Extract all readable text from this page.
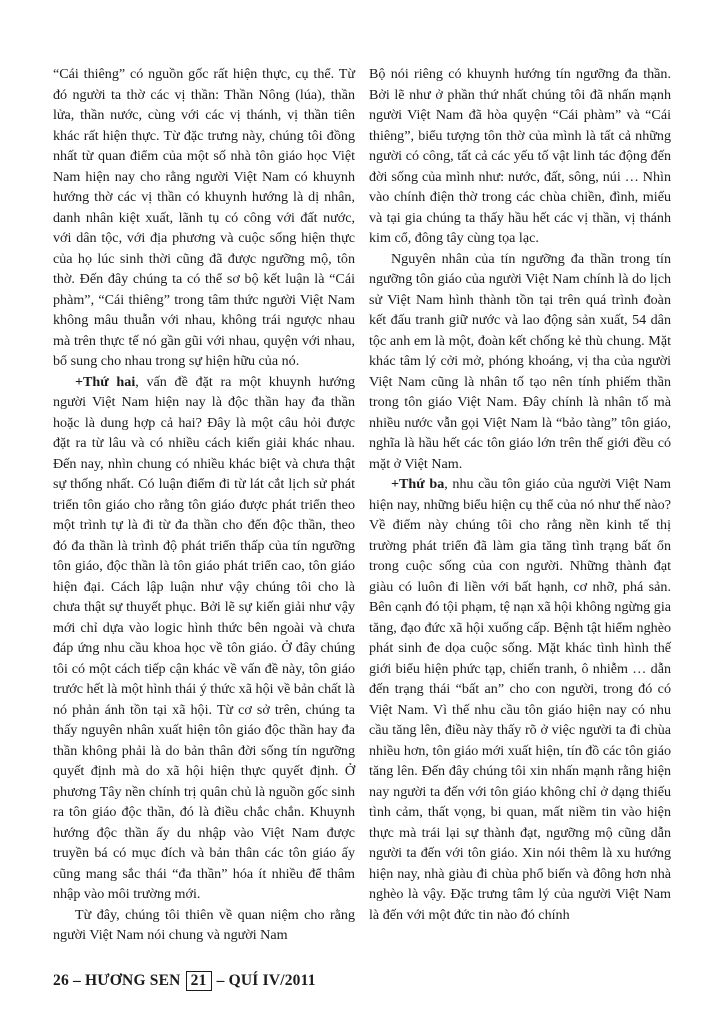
“Cái thiêng” có nguồn gốc rất hiện thực, cụ thể. Từ đó người ta thờ các vị thần: Thần Nông (lúa), thần lửa, thần nước, cùng với các vị thánh, vị thần tiên khác rất hiện thực. Từ đặc trưng này, chúng tôi đồng nhất từ quan điểm của một số nhà tôn giáo học Việt Nam hiện nay cho rằng người Việt Nam có khuynh hướng thờ các vị thần có khuynh hướng là dị nhân, danh nhân kiệt xuất, lãnh tụ có công với đất nước, với dân tộc, với địa phương và cuộc sống hiện thực của họ lúc sinh thời cũng đã được ngưỡng mộ, tôn thờ. Đến đây chúng ta có thể sơ bộ kết luận là “Cái phàm”, “Cái thiêng” trong tâm thức người Việt Nam không mâu thuẫn với nhau, không trái ngược nhau mà trên thực tế nó gần gũi với nhau, quyện với nhau, bổ sung cho nhau trong sự hiện hữu của nó.

+Thứ hai, vấn đề đặt ra một khuynh hướng người Việt Nam hiện nay là độc thần hay đa thần hoặc là dung hợp cả hai? Đây là một câu hỏi được đặt ra từ lâu và có nhiều cách kiến giải khác nhau. Đến nay, nhìn chung có nhiều khác biệt và chưa thật sự thống nhất. Có luận điểm đi từ lát cắt lịch sử phát triển tôn giáo cho rằng tôn giáo được phát triển theo một trình tự là đi từ đa thần cho đến độc thần, theo đó đa thần là trình độ phát triển thấp của tín ngưỡng tôn giáo, độc thần là tôn giáo phát triển cao, tôn giáo hiện đại. Cách lập luận như vậy chúng tôi cho là chưa thật sự thuyết phục. Bởi lẽ sự kiến giải như vậy mới chỉ dựa vào logic hình thức bên ngoài và chưa đáp ứng nhu cầu khoa học về tôn giáo. Ở đây chúng tôi có một cách tiếp cận khác về vấn đề này, tôn giáo trước hết là một hình thái ý thức xã hội về bản chất là nó phản ánh tồn tại xã hội. Từ cơ sở trên, chúng ta thấy nguyên nhân xuất hiện tôn giáo độc thần hay đa thần không phải là do bản thân đời sống tín ngưỡng quyết định mà do xã hội hiện thực quyết định. Ở phương Tây nền chính trị quân chủ là nguồn gốc sinh ra tôn giáo độc thần, đó là điều chắc chắn. Khuynh hướng độc thần ấy du nhập vào Việt Nam được truyền bá có mục đích và bản thân các tôn giáo ấy cũng mang sắc thái “đa thần” hóa ít nhiều để thâm nhập vào môi trường mới.

Từ đây, chúng tôi thiên về quan niệm cho rằng người Việt Nam nói chung và người Nam

Bộ nói riêng có khuynh hướng tín ngưỡng đa thần. Bởi lẽ như ở phần thứ nhất chúng tôi đã nhấn mạnh người Việt Nam đã hòa quyện “Cái phàm” và “Cái thiêng”, biểu tượng tôn thờ của mình là tất cả những người có công, tất cả các yếu tố vật linh tác động đến đời sống của mình như: nước, đất, sông, núi … Nhìn vào chính điện thờ trong các chùa chiền, đình, miếu và tại gia chúng ta thấy hầu hết các vị thần, vị thánh kim cổ, đông tây cùng tọa lạc.

Nguyên nhân của tín ngưỡng đa thần trong tín ngưỡng tôn giáo của người Việt Nam chính là do lịch sử Việt Nam hình thành tồn tại trên quá trình đoàn kết đấu tranh giữ nước và lao động sản xuất, 54 dân tộc anh em là một, đoàn kết chống kẻ thù chung. Mặt khác tâm lý cởi mở, phóng khoáng, vị tha của người Việt Nam cũng là nhân tố tạo nên tính phiếm thần trong tôn giáo Việt Nam. Đây chính là nhân tố mà nhiều nước vẫn gọi Việt Nam là “bảo tàng” tôn giáo, nghĩa là hầu hết các tôn giáo lớn trên thế giới đều có mặt ở Việt Nam.

+Thứ ba, nhu cầu tôn giáo của người Việt Nam hiện nay, những biểu hiện cụ thể của nó như thế nào? Về điểm này chúng tôi cho rằng nền kinh tế thị trường phát triển đã làm gia tăng tình trạng bất ổn trong cuộc sống của con người. Những thành đạt giàu có luôn đi liền với bất hạnh, cơ nhỡ, phá sản. Bên cạnh đó tội phạm, tệ nạn xã hội không ngừng gia tăng, đạo đức xã hội xuống cấp. Bệnh tật hiểm nghèo phát sinh đe dọa cuộc sống. Mặt khác tình hình thế giới biểu hiện phức tạp, chiến tranh, ô nhiễm … dẫn đến trạng thái “bất an” cho con người, trong đó có Việt Nam. Vì thế nhu cầu tôn giáo hiện nay có nhu cầu tăng lên, điều này thấy rõ ở việc người ta đi chùa nhiều hơn, tôn giáo mới xuất hiện, tín đồ các tôn giáo tăng lên. Đến đây chúng tôi xin nhấn mạnh rằng hiện nay người ta đến với tôn giáo không chỉ ở dạng thiếu tình cảm, thất vọng, bi quan, mất niềm tin vào hiện thực mà trái lại sự thành đạt, ngưỡng mộ cũng dẫn người ta đến với tôn giáo. Xin nói thêm là xu hướng hiện nay, nhà giàu đi chùa phổ biến và đông hơn nhà nghèo là vậy. Đặc trưng tâm lý của người Việt Nam là đến với một đức tin nào đó chính

26 – HƯƠNG SEN 21 – QUÍ IV/2011
